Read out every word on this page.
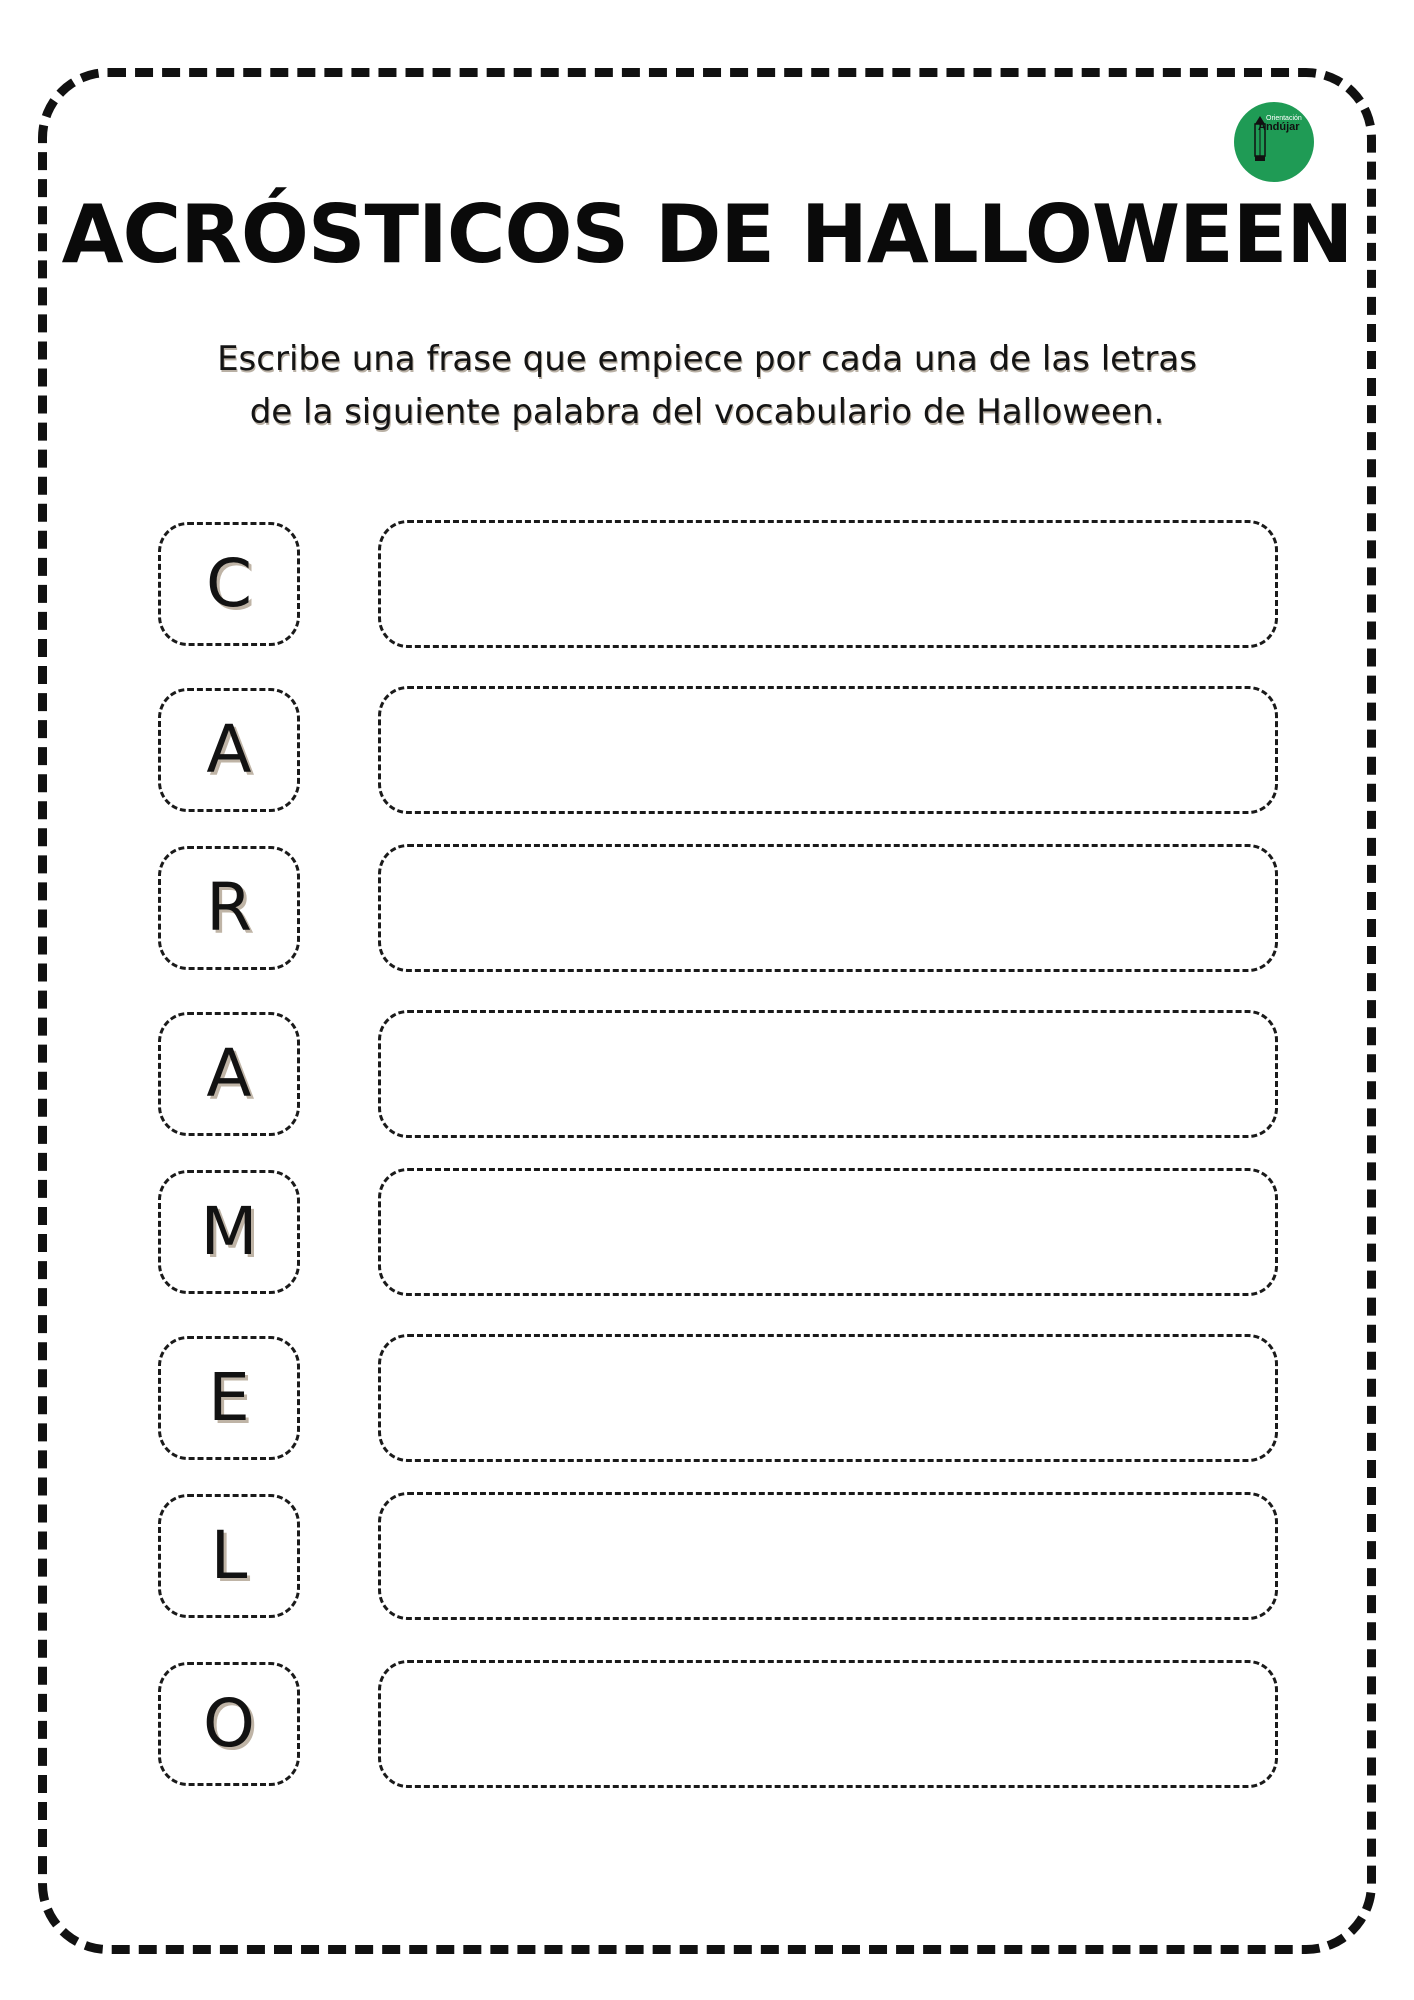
Orientación
Andújar
ACRÓSTICOS DE HALLOWEEN
Escribe una frase que empiece por cada una de las letras
de la siguiente palabra del vocabulario de Halloween.
C
A
R
A
M
E
L
O
